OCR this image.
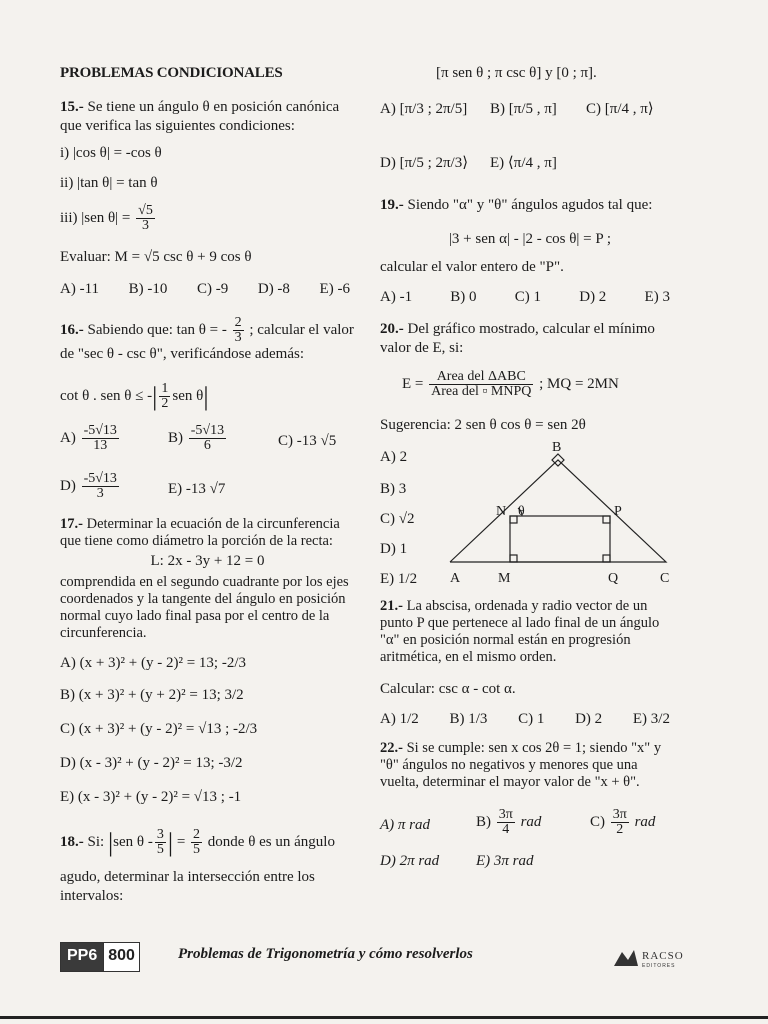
PROBLEMAS CONDICIONALES
15.- Se tiene un ángulo θ en posición canónica que verifica las siguientes condiciones:
i) |cos θ| = -cos θ
ii) |tan θ| = tan θ
iii) |sen $\theta| = \frac{√5}{3}$
Evaluar: M = √5 csc θ + 9 cos θ
A) -11 B) -10 C) -9 D) -8 E) -6
16.- Sabiendo que: tan θ = - $\frac{2}{3}$ ; calcular el valor de "sec θ - csc θ", verificándose además:
cot θ . sen θ ≤ -| $\frac{1}{2}$ sen θ|
$A) \frac{-5√13}{13}$	$B) \frac{-5√13}{6}$	C) -13 √5
$D) \frac{-5√13}{3}$	E) -13 √7
17.- Determinar la ecuación de la circunferencia que tiene como diámetro la porción de la recta:
L: 2x - 3y + 12 = 0
comprendida en el segundo cuadrante por los ejes coordenados y la tangente del ángulo en posición normal cuyo lado final pasa por el centro de la circunferencia.
A) (x + 3)² + (y - 2)² = 13; -2/3
B) (x + 3)² + (y + 2)² = 13; 3/2
C) (x + 3)² + (y - 2)² = √13 ; -2/3
D) (x - 3)² + (y - 2)² = 13; -3/2
E) (x - 3)² + (y - 2)² = √13 ; -1
18.- Si: |sen θ - $\frac{3}{5}$ | = $\frac{2}{5}$ donde θ es un ángulo
agudo, determinar la intersección entre los intervalos:
[π sen θ ; π csc θ] y [0 ; π].
A) [π/3 ; 2π/5] B) [π/5 , π] C) [π/4 , π⟩
D) [π/5 ; 2π/3⟩ E) ⟨π/4 , π]
19.- Siendo "α" y "θ" ángulos agudos tal que:
|3 + sen α| - |2 - cos θ| = P ;
calcular el valor entero de "P".
A) -1	B) 0	C) 1	D) 2	E) 3
20.- Del gráfico mostrado, calcular el mínimo valor de E, si:
$E = \frac{\text{Area del ΔABC}}{\text{Area del ▫ MNPQ}}$ ; MQ = 2MN
Sugerencia: 2 sen θ cos θ = sen 2θ
A) 2
B) 3
C) √2
D) 1
E) 1/2
B
A	C
M
N	P
Q
θ
21.- La abscisa, ordenada y radio vector de un punto P que pertenece al lado final de un ángulo "α" en posición normal están en progresión aritmética, en el mismo orden.
Calcular: csc α - cot α.
A) 1/2 B) 1/3 C) 1 D) 2 E) 3/2
22.- Si se cumple: sen x cos 2θ = 1; siendo "x" y "θ" ángulos no negativos y menores que una vuelta, determinar el mayor valor de "x + θ".
A) π rad	$B) \frac{3\pi}{4}$ rad	$C) \frac{3\pi}{2}$ rad
D) 2π rad E) 3π rad
PP6 800	Problemas de Trigonometría y cómo resolverlos	RACSO
EDITORES
